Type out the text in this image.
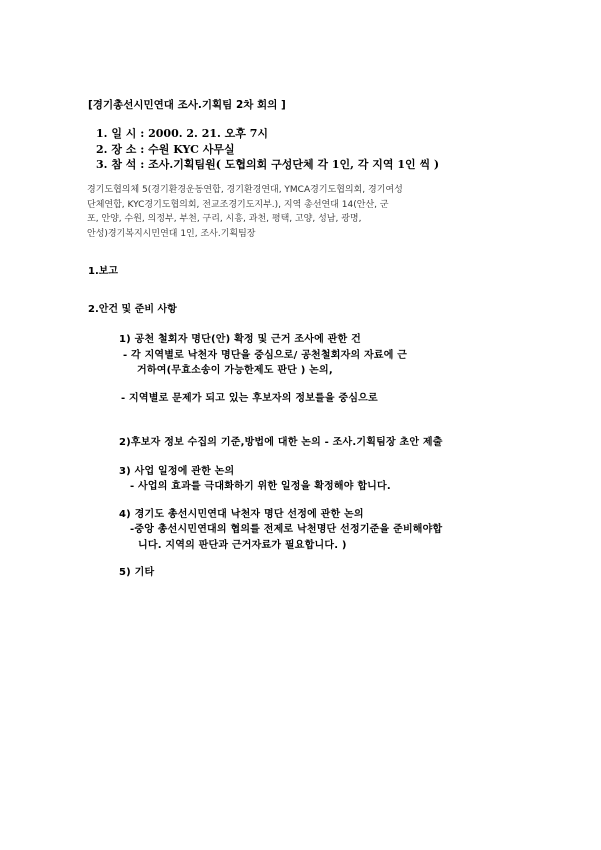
[경기총선시민연대 조사.기획팀 2차 회의 ]
1. 일 시 : 2000. 2. 21. 오후 7시
2. 장 소 : 수원 KYC 사무실
3. 참 석 : 조사.기획팀원( 도협의회 구성단체 각 1인, 각 지역 1인 씩 )
경기도협의체 5(경기환경운동연합, 경기환경연대, YMCA경기도협의회, 경기여성
단체연합, KYC경기도협의회, 전교조경기도지부.), 지역 총선연대 14(안산, 군
포, 안양, 수원, 의정부, 부천, 구리, 시흥, 과천, 평택, 고양, 성남, 광명,
안성)경기복지시민연대 1인, 조사.기획팀장
1.보고
2.안건 및 준비 사항
1) 공천 철회자 명단(안) 확정 및 근거 조사에 관한 건
- 각 지역별로 낙천자 명단을 중심으로/ 공천철회자의 자료에 근
거하여(무효소송이 가능한제도 판단 ) 논의,
- 지역별로 문제가 되고 있는 후보자의 정보를을 중심으로
2)후보자 정보 수집의 기준,방법에 대한 논의 - 조사.기획팀장 초안 제출
3) 사업 일정에 관한 논의
- 사업의 효과를 극대화하기 위한 일정을 확정해야 합니다.
4) 경기도 총선시민연대 낙천자 명단 선정에 관한 논의
-중앙 총선시민연대의 협의를 전제로 낙천명단 선정기준을 준비해야합
니다. 지역의 판단과 근거자료가 필요합니다. )
5) 기타
